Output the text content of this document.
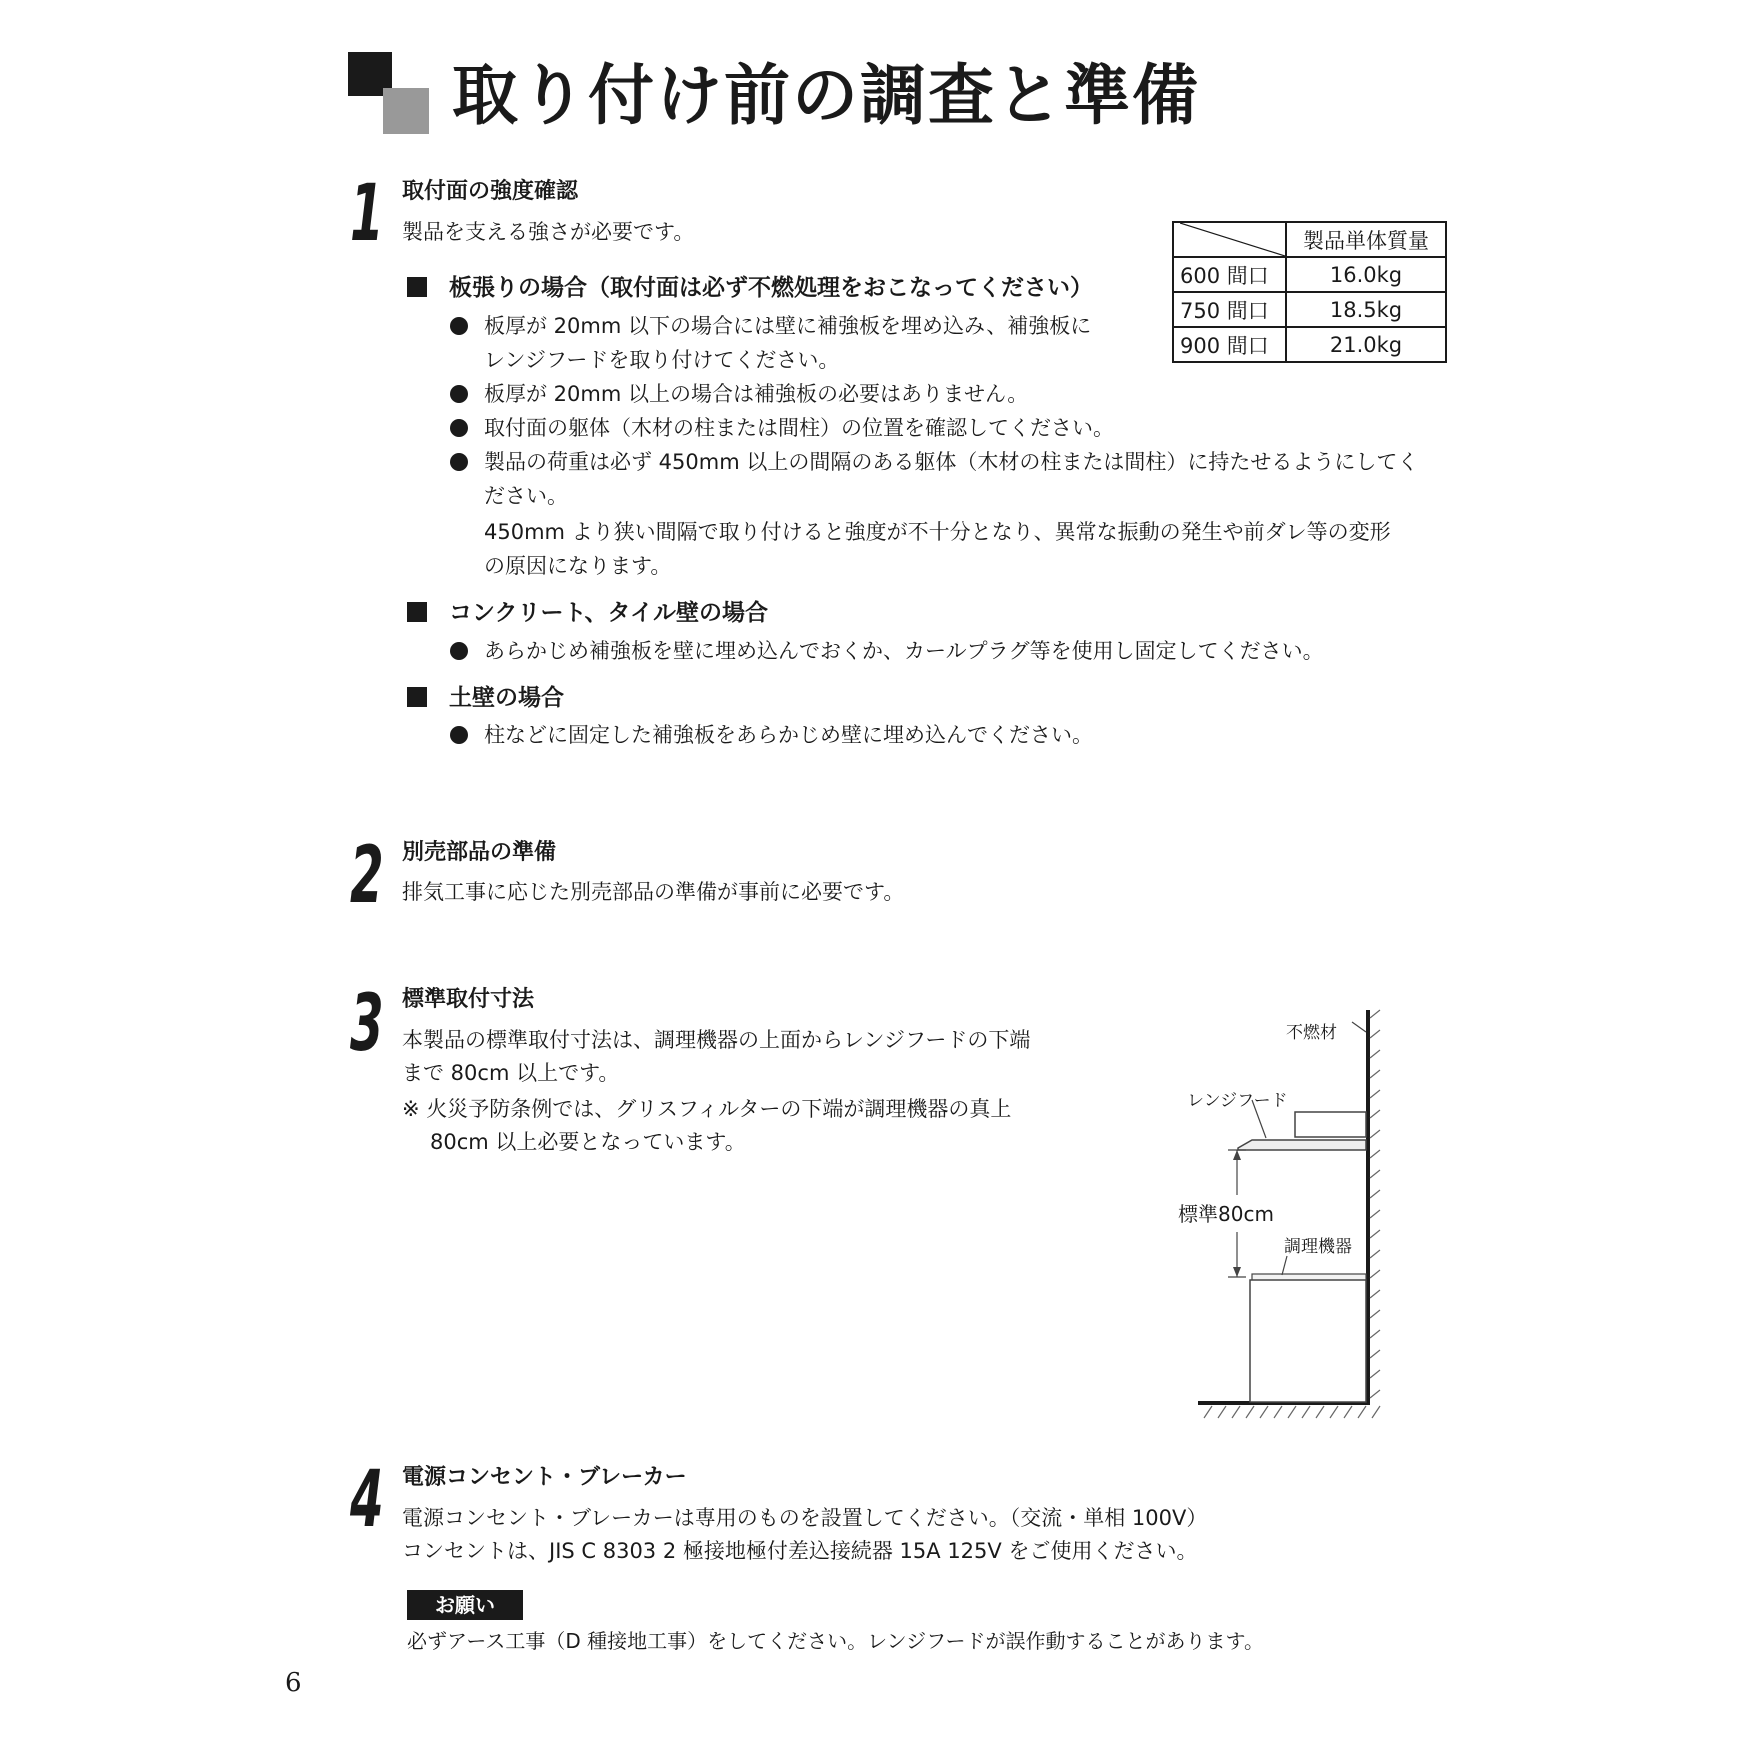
取り付け前の調査と準備
1 取付面の強度確認
製品を支える強さが必要です。
板張りの場合（取付面は必ず不燃処理をおこなってください）
板厚が 20mm 以下の場合には壁に補強板を埋め込み、補強板に
レンジフードを取り付けてください。
板厚が 20mm 以上の場合は補強板の必要はありません。
取付面の躯体（木材の柱または間柱）の位置を確認してください。
製品の荷重は必ず 450mm 以上の間隔のある躯体（木材の柱または間柱）に持たせるようにしてく
ださい。
450mm より狭い間隔で取り付けると強度が不十分となり、異常な振動の発生や前ダレ等の変形
の原因になります。
コンクリート、タイル壁の場合
あらかじめ補強板を壁に埋め込んでおくか、カールプラグ等を使用し固定してください。
土壁の場合
柱などに固定した補強板をあらかじめ壁に埋め込んでください。
	製品単体質量
600 間口	16.0kg
750 間口	18.5kg
900 間口	21.0kg
2 別売部品の準備
排気工事に応じた別売部品の準備が事前に必要です。
3 標準取付寸法
本製品の標準取付寸法は、調理機器の上面からレンジフードの下端
まで 80cm 以上です。
※ 火災予防条例では、グリスフィルターの下端が調理機器の真上
80cm 以上必要となっています。
不燃材
レンジフード
標準80cm
調理機器
4 電源コンセント・ブレーカー
電源コンセント・ブレーカーは専用のものを設置してください。（交流・単相 100V）
コンセントは、JIS C 8303 2 極接地極付差込接続器 15A 125V をご使用ください。
お願い
必ずアース工事（D 種接地工事）をしてください。レンジフードが誤作動することがあります。
6
